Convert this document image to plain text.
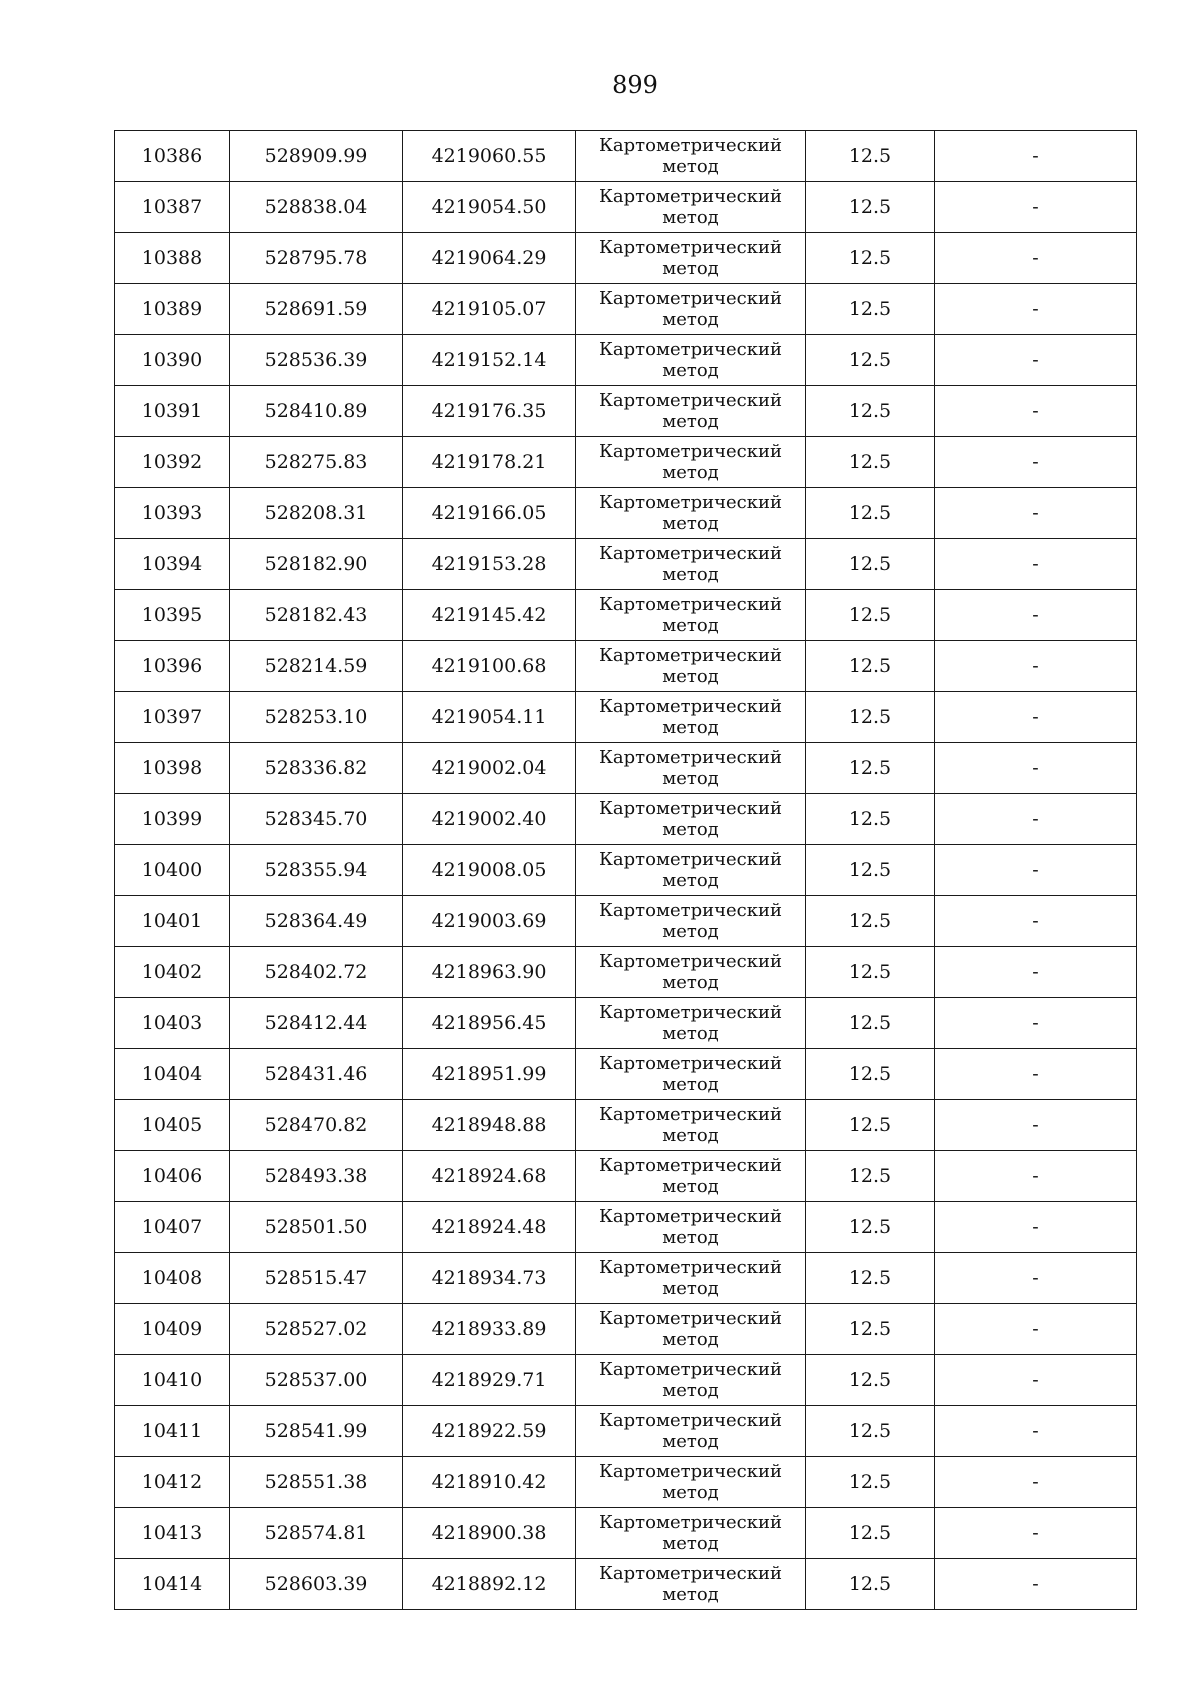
899
10386	528909.99	4219060.55	Картометрический
метод	12.5	-
10387	528838.04	4219054.50	Картометрический
метод	12.5	-
10388	528795.78	4219064.29	Картометрический
метод	12.5	-
10389	528691.59	4219105.07	Картометрический
метод	12.5	-
10390	528536.39	4219152.14	Картометрический
метод	12.5	-
10391	528410.89	4219176.35	Картометрический
метод	12.5	-
10392	528275.83	4219178.21	Картометрический
метод	12.5	-
10393	528208.31	4219166.05	Картометрический
метод	12.5	-
10394	528182.90	4219153.28	Картометрический
метод	12.5	-
10395	528182.43	4219145.42	Картометрический
метод	12.5	-
10396	528214.59	4219100.68	Картометрический
метод	12.5	-
10397	528253.10	4219054.11	Картометрический
метод	12.5	-
10398	528336.82	4219002.04	Картометрический
метод	12.5	-
10399	528345.70	4219002.40	Картометрический
метод	12.5	-
10400	528355.94	4219008.05	Картометрический
метод	12.5	-
10401	528364.49	4219003.69	Картометрический
метод	12.5	-
10402	528402.72	4218963.90	Картометрический
метод	12.5	-
10403	528412.44	4218956.45	Картометрический
метод	12.5	-
10404	528431.46	4218951.99	Картометрический
метод	12.5	-
10405	528470.82	4218948.88	Картометрический
метод	12.5	-
10406	528493.38	4218924.68	Картометрический
метод	12.5	-
10407	528501.50	4218924.48	Картометрический
метод	12.5	-
10408	528515.47	4218934.73	Картометрический
метод	12.5	-
10409	528527.02	4218933.89	Картометрический
метод	12.5	-
10410	528537.00	4218929.71	Картометрический
метод	12.5	-
10411	528541.99	4218922.59	Картометрический
метод	12.5	-
10412	528551.38	4218910.42	Картометрический
метод	12.5	-
10413	528574.81	4218900.38	Картометрический
метод	12.5	-
10414	528603.39	4218892.12	Картометрический
метод	12.5	-
